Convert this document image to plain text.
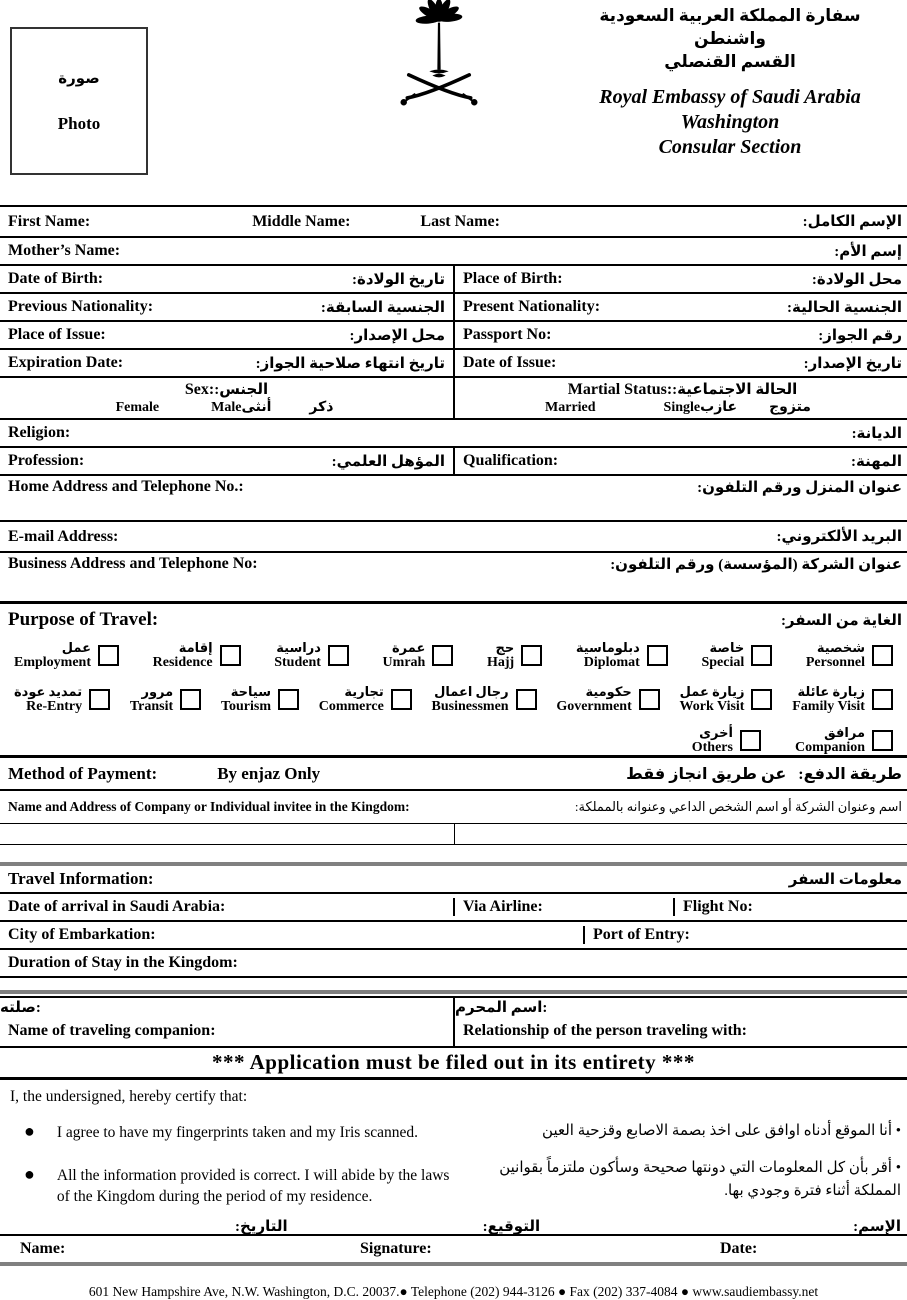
صورة
Photo
سفارة المملكة العربية السعودية
واشنطن
القسم القنصلي
Royal Embassy of Saudi Arabia
Washington
Consular Section
First Name:	Middle Name:	Last Name:	الإسم الكامل:
Mother’s Name:	إسم الأم:
Date of Birth:	تاريخ الولادة: Place of Birth:	محل الولادة:
Previous Nationality:	الجنسية السابقة: Present Nationality:	الجنسية الحالية:
Place of Issue:	محل الإصدار: Passport No:	رقم الجواز:
Expiration Date:	تاريخ انتهاء صلاحية الجواز: Date of Issue:	تاريخ الإصدار:
Sex: الجنس:
Female	Male أنثى	ذكر
Martial Status: الحالة الاجتماعية:
Married	Single عازب متزوج
Religion:	الديانة:
Profession:	المؤهل العلمي: Qualification:	المهنة:
Home Address and Telephone No.:	عنوان المنزل ورقم التلفون:
E-mail Address:	البريد الألكتروني:
Business Address and Telephone No:	عنوان الشركة (المؤسسة) ورقم التلفون:
Purpose of Travel:	الغاية من السفر:
عمل
Employment
إقامة
Residence
دراسية
Student
عمرة
Umrah
حج
Hajj
دبلوماسية
Diplomat
خاصة
Special
شخصية
Personnel
تمديد عودة
Re-Entry
مرور
Transit
سياحة
Tourism
تجارية
Commerce
رجال اعمال
Businessmen
حكومية
Government
زيارة عمل
Work Visit
زيارة عائلة
Family Visit
أخرى
Others
مرافق
Companion
Method of Payment:	By enjaz Only	طريقة الدفع:   عن طريق انجاز فقط
Name and Address of Company or Individual invitee in the Kingdom:	اسم وعنوان الشركة أو اسم الشخص الداعي وعنوانه بالمملكة:
Travel Information:	معلومات السفر
Date of arrival in Saudi Arabia:	Via Airline:	Flight No:
City of Embarkation:	Port of Entry:
Duration of Stay in the Kingdom:
صلته:	اسم المحرم:
Name of traveling companion:	Relationship of the person traveling with:
*** Application must be filed out in its entirety ***
I, the undersigned, hereby certify that:
● I agree to have my fingerprints taken and my Iris scanned.
● All the information provided is correct. I will abide by the laws of the Kingdom during the period of my residence.
• أنا الموقع أدناه اوافق على اخذ بصمة الاصابع وقزحية العين
• أقر بأن كل المعلومات التي دونتها صحيحة وسأكون ملتزماً بقوانين المملكة أثناء فترة وجودي بها.
التاريخ:	التوقيع:	الإسم:
Name:	Signature:	Date:
601 New Hampshire Ave, N.W. Washington, D.C. 20037.● Telephone (202) 944-3126 ● Fax (202) 337-4084 ● www.saudiembassy.net
